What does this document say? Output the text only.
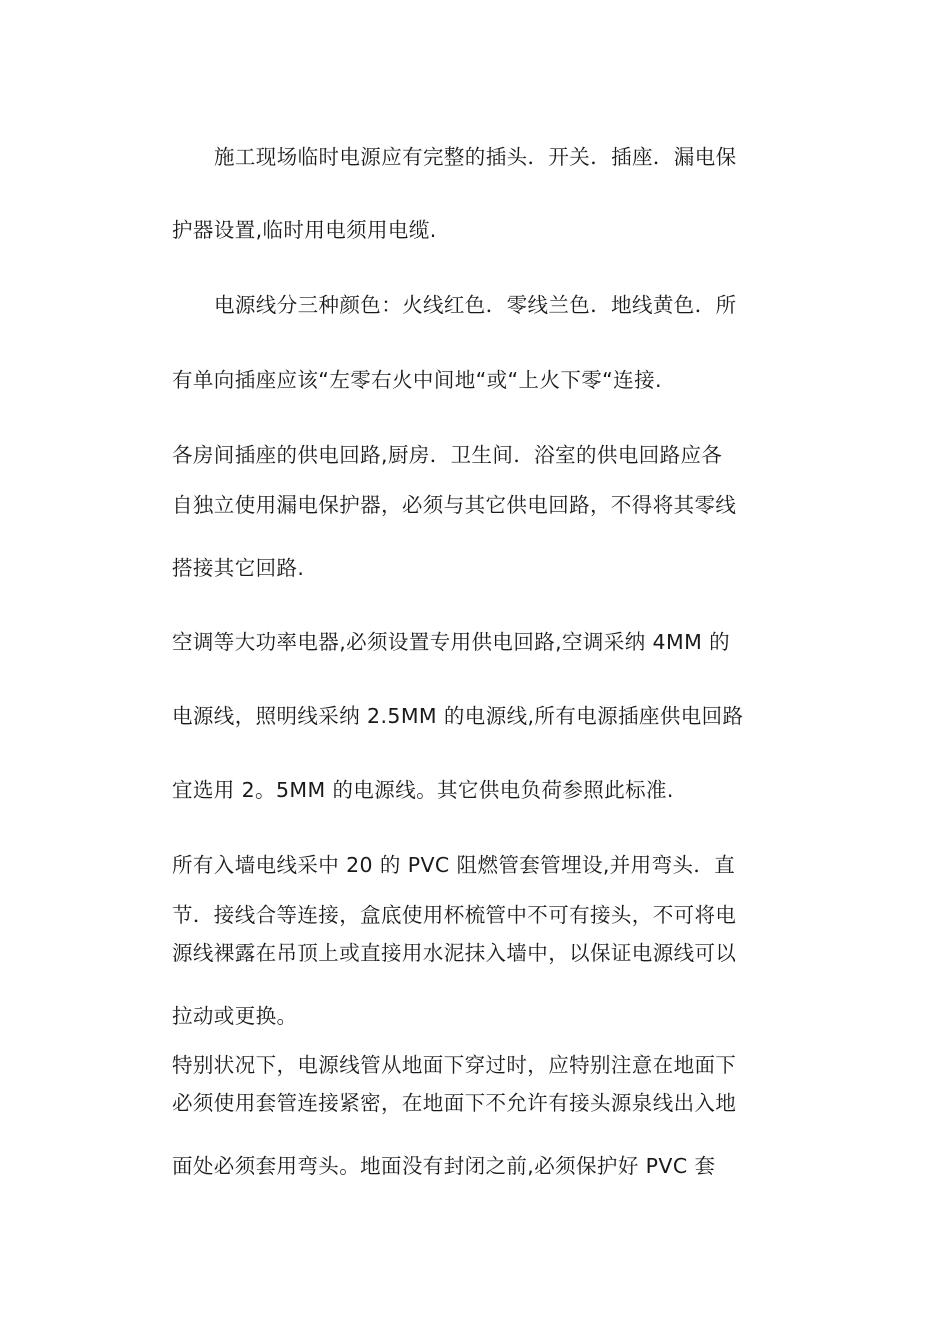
施工现场临时电源应有完整的插头．开关．插座．漏电保
护器设置,临时用电须用电缆.
电源线分三种颜色：火线红色．零线兰色．地线黄色．所
有单向插座应该“左零右火中间地“或“上火下零“连接.
各房间插座的供电回路,厨房．卫生间．浴室的供电回路应各
自独立使用漏电保护器，必须与其它供电回路，不得将其零线
搭接其它回路.
空调等大功率电器,必须设置专用供电回路,空调采纳 4MM 的
电源线，照明线采纳 2.5MM 的电源线,所有电源插座供电回路
宜选用 2。5MM 的电源线。其它供电负荷参照此标准.
所有入墙电线采中 20 的 PVC 阻燃管套管埋设,并用弯头．直
节．接线合等连接，盒底使用杯梳管中不可有接头，不可将电
源线裸露在吊顶上或直接用水泥抹入墙中，以保证电源线可以
拉动或更换。
特别状况下，电源线管从地面下穿过时，应特别注意在地面下
必须使用套管连接紧密，在地面下不允许有接头源泉线出入地
面处必须套用弯头。地面没有封闭之前,必须保护好 PVC 套
